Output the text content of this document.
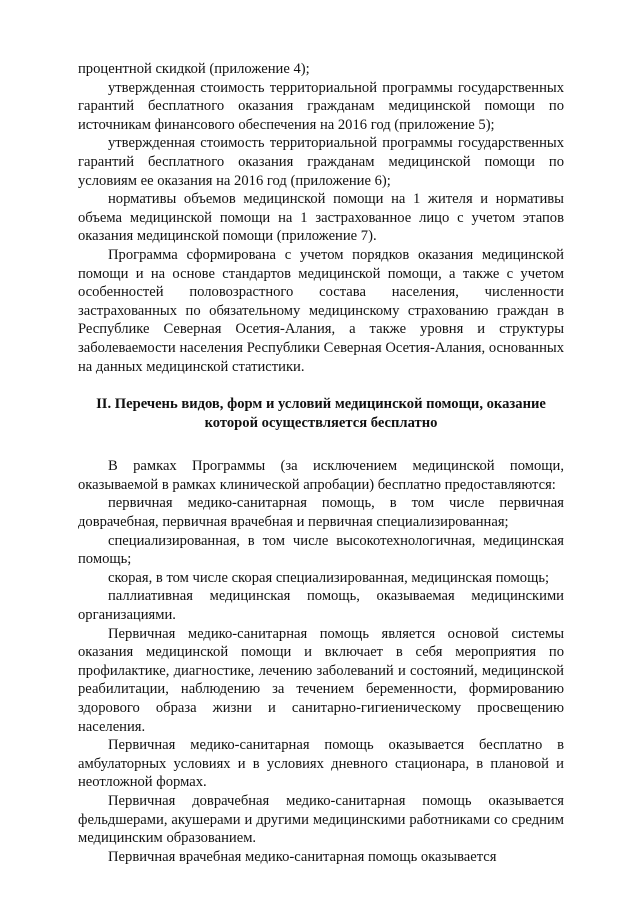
процентной скидкой (приложение 4);

утвержденная стоимость территориальной программы государственных гарантий бесплатного оказания гражданам медицинской помощи по источникам финансового обеспечения на 2016 год (приложение 5);

утвержденная стоимость территориальной программы государственных гарантий бесплатного оказания гражданам медицинской помощи по условиям ее оказания на 2016 год (приложение 6);

нормативы объемов медицинской помощи на 1 жителя и нормативы объема медицинской помощи на 1 застрахованное лицо с учетом этапов оказания медицинской помощи (приложение 7).

Программа сформирована с учетом порядков оказания медицинской помощи и на основе стандартов медицинской помощи, а также с учетом особенностей половозрастного состава населения, численности застрахованных по обязательному медицинскому страхованию граждан в Республике Северная Осетия-Алания, а также уровня и структуры заболеваемости населения Республики Северная Осетия-Алания, основанных на данных медицинской статистики.

II. Перечень видов, форм и условий медицинской помощи, оказание которой осуществляется бесплатно

В рамках Программы (за исключением медицинской помощи, оказываемой в рамках клинической апробации) бесплатно предоставляются:

первичная медико-санитарная помощь, в том числе первичная доврачебная, первичная врачебная и первичная специализированная;

специализированная, в том числе высокотехнологичная, медицинская помощь;

скорая, в том числе скорая специализированная, медицинская помощь;

паллиативная медицинская помощь, оказываемая медицинскими организациями.

Первичная медико-санитарная помощь является основой системы оказания медицинской помощи и включает в себя мероприятия по профилактике, диагностике, лечению заболеваний и состояний, медицинской реабилитации, наблюдению за течением беременности, формированию здорового образа жизни и санитарно-гигиеническому просвещению населения.

Первичная медико-санитарная помощь оказывается бесплатно в амбулаторных условиях и в условиях дневного стационара, в плановой и неотложной формах.

Первичная доврачебная медико-санитарная помощь оказывается фельдшерами, акушерами и другими медицинскими работниками со средним медицинским образованием.

Первичная врачебная медико-санитарная помощь оказывается
